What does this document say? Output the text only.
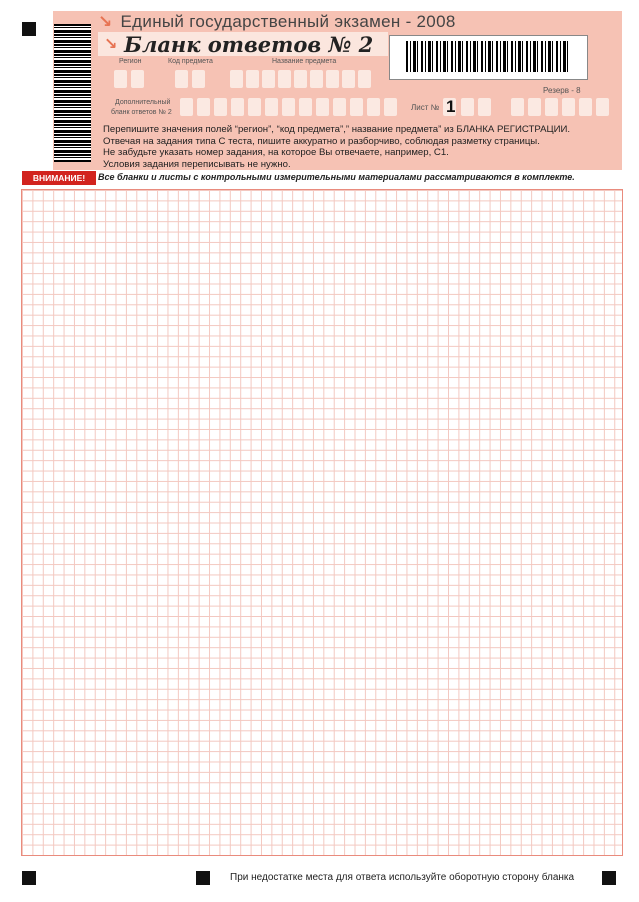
↘ Единый государственный экзамен - 2008
↘ Бланк ответов № 2
Регион	Код предмета	Название предмета
Дополнительный
бланк ответов № 2
Лист № 1
Резерв - 8
Перепишите значения полей “регион”, “код предмета”,” название предмета” из БЛАНКА РЕГИСТРАЦИИ.
Отвечая на задания типа С теста, пишите аккуратно и разборчиво, соблюдая разметку страницы.
Не забудьте указать номер задания, на которое Вы отвечаете, например, С1.
Условия задания переписывать не нужно.
ВНИМАНИЕ!	Все бланки и листы с контрольными измерительными материалами рассматриваются в комплекте.
При недостатке места для ответа используйте оборотную сторону бланка
